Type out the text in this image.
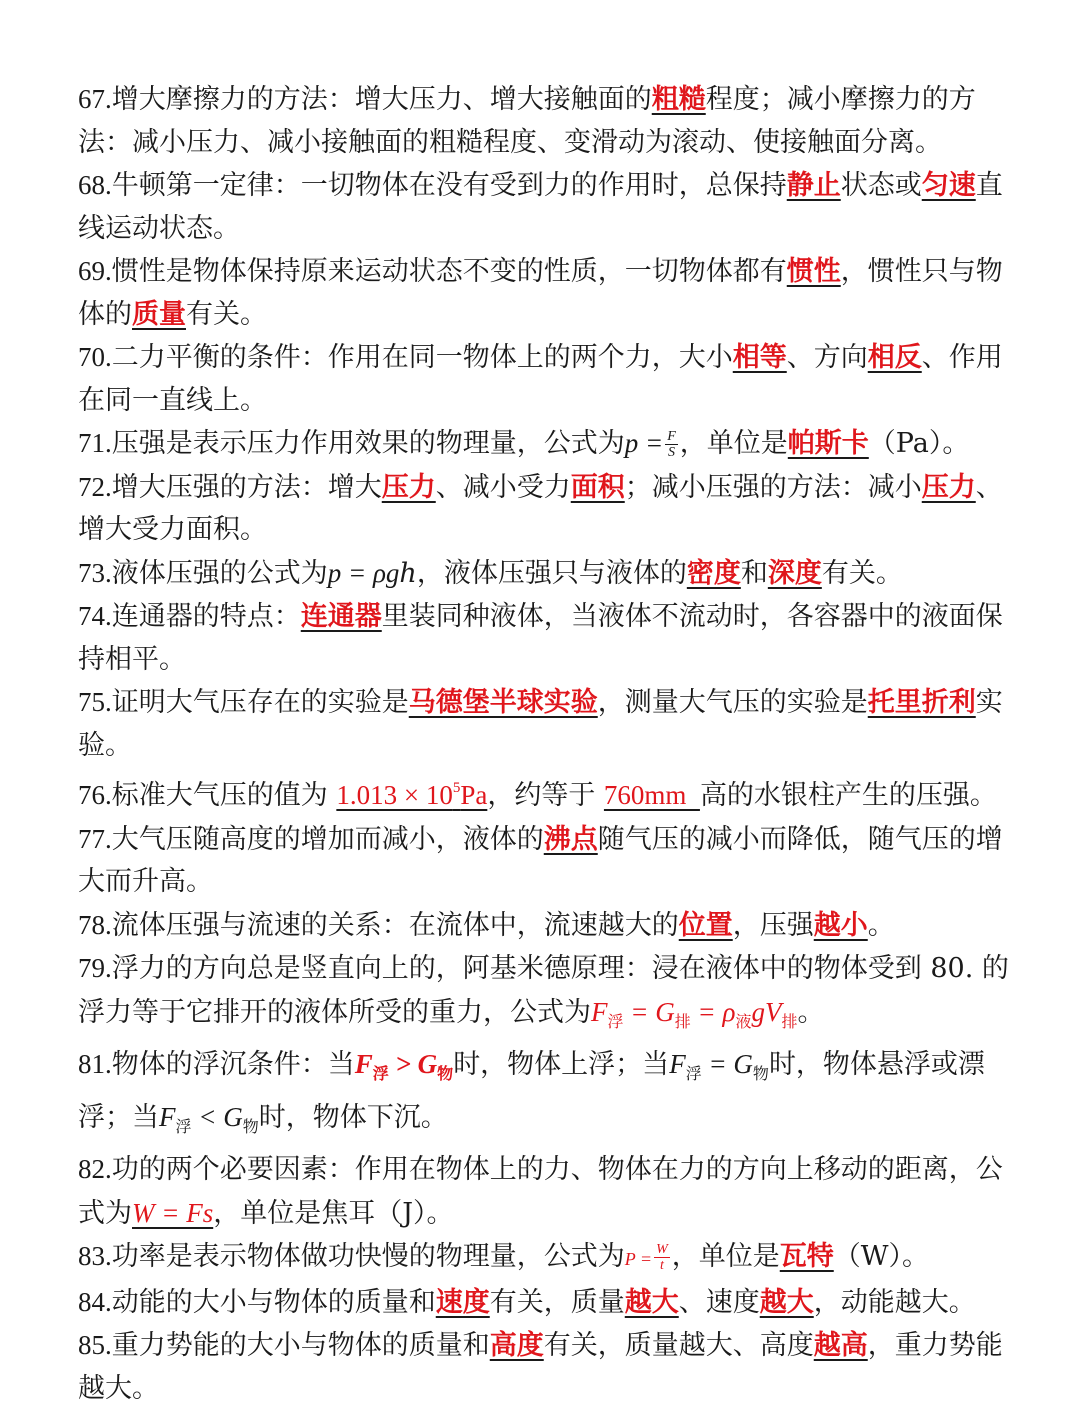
67.增大摩擦力的方法：增大压力、增大接触面的粗糙程度；减小摩擦力的方法：减小压力、减小接触面的粗糙程度、变滑动为滚动、使接触面分离。

68.牛顿第一定律：一切物体在没有受到力的作用时，总保持静止状态或匀速直线运动状态。

69.惯性是物体保持原来运动状态不变的性质，一切物体都有惯性，惯性只与物体的质量有关。

70.二力平衡的条件：作用在同一物体上的两个力，大小相等、方向相反、作用在同一直线上。

71.压强是表示压力作用效果的物理量，公式为$p = \frac{F}{S}$ ，单位是帕斯卡（Pa）。

72.增大压强的方法：增大压力、减小受力面积；减小压强的方法：减小压力、增大受力面积。

73.液体压强的公式为p = ρgℎ，液体压强只与液体的密度和深度有关。

74.连通器的特点：连通器里装同种液体，当液体不流动时，各容器中的液面保持相平。

75.证明大气压存在的实验是马德堡半球实验，测量大气压的实验是托里折利实验。

76.标准大气压的值为 $1.013 \times 10^5Pa$，约等于 760mm  高的水银柱产生的压强。

77.大气压随高度的增加而减小，液体的沸点随气压的减小而降低，随气压的增大而升高。

78.流体压强与流速的关系：在流体中，流速越大的位置，压强越小。

79.浮力的方向总是竖直向上的，阿基米德原理：浸在液体中的物体受到 80. 的浮力等于它排开的液体所受的重力，公式为$F_浮 = G_排 = \rho_液gV_排$。

81.物体的浮沉条件：当$F_浮 > G_物$时，物体上浮；当$F_浮 = G_物$时，物体悬浮或漂浮；当$F_浮 < G_物$时，物体下沉。

82.功的两个必要因素：作用在物体上的力、物体在力的方向上移动的距离，公式为W = Fs，单位是焦耳（J）。

83.功率是表示物体做功快慢的物理量，公式为$P = \frac{W}{t}$ ，单位是瓦特（W）。

84.动能的大小与物体的质量和速度有关，质量越大、速度越大，动能越大。

85.重力势能的大小与物体的质量和高度有关，质量越大、高度越高，重力势能越大。
